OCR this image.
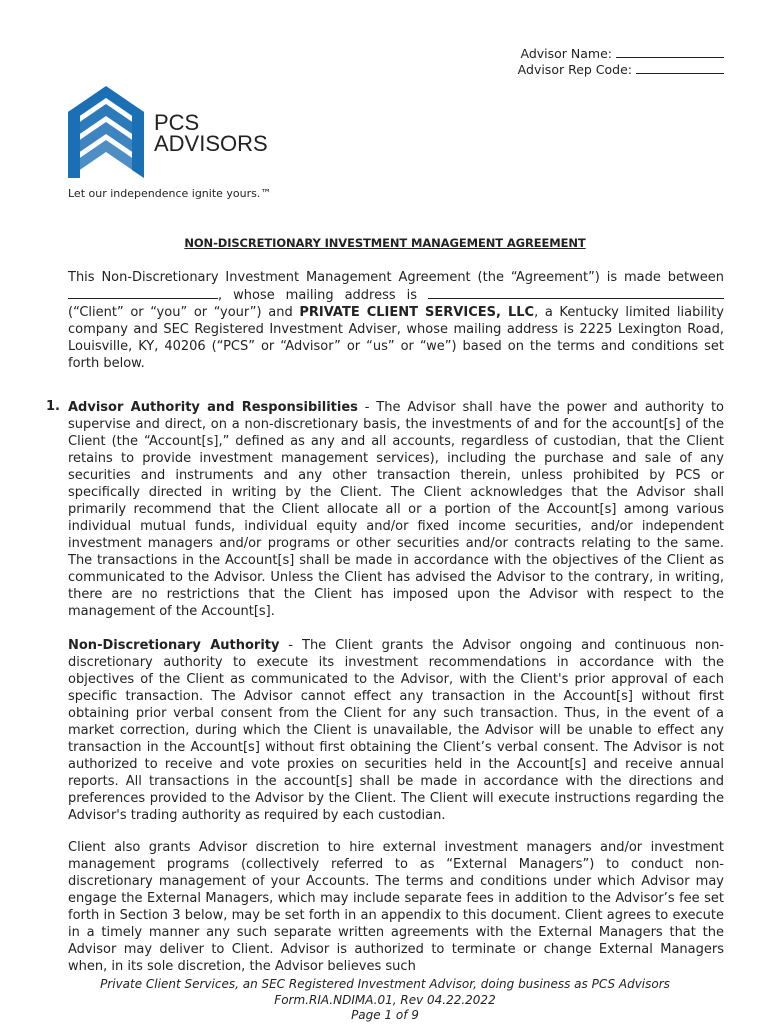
Advisor Name:
Advisor Rep Code:
PCS
ADVISORS
Let our independence ignite yours.™
NON-DISCRETIONARY INVESTMENT MANAGEMENT AGREEMENT
This Non-Discretionary Investment Management Agreement (the “Agreement”) is made between , whose mailing address is  (“Client” or “you” or “your”) and PRIVATE CLIENT SERVICES, LLC, a Kentucky limited liability company and SEC Registered Investment Adviser, whose mailing address is 2225 Lexington Road, Louisville, KY, 40206 (“PCS” or “Advisor” or “us” or “we”) based on the terms and conditions set forth below.
1. Advisor Authority and Responsibilities - The Advisor shall have the power and authority to supervise and direct, on a non-discretionary basis, the investments of and for the account[s] of the Client (the “Account[s],” defined as any and all accounts, regardless of custodian, that the Client retains to provide investment management services), including the purchase and sale of any securities and instruments and any other transaction therein, unless prohibited by PCS or specifically directed in writing by the Client. The Client acknowledges that the Advisor shall primarily recommend that the Client allocate all or a portion of the Account[s] among various individual mutual funds, individual equity and/or fixed income securities, and/or independent investment managers and/or programs or other securities and/or contracts relating to the same. The transactions in the Account[s] shall be made in accordance with the objectives of the Client as communicated to the Advisor. Unless the Client has advised the Advisor to the contrary, in writing, there are no restrictions that the Client has imposed upon the Advisor with respect to the management of the Account[s].
Non-Discretionary Authority - The Client grants the Advisor ongoing and continuous non-discretionary authority to execute its investment recommendations in accordance with the objectives of the Client as communicated to the Advisor, with the Client's prior approval of each specific transaction. The Advisor cannot effect any transaction in the Account[s] without first obtaining prior verbal consent from the Client for any such transaction. Thus, in the event of a market correction, during which the Client is unavailable, the Advisor will be unable to effect any transaction in the Account[s] without first obtaining the Client’s verbal consent. The Advisor is not authorized to receive and vote proxies on securities held in the Account[s] and receive annual reports. All transactions in the account[s] shall be made in accordance with the directions and preferences provided to the Advisor by the Client. The Client will execute instructions regarding the Advisor's trading authority as required by each custodian.
Client also grants Advisor discretion to hire external investment managers and/or investment management programs (collectively referred to as “External Managers”) to conduct non-discretionary management of your Accounts. The terms and conditions under which Advisor may engage the External Managers, which may include separate fees in addition to the Advisor’s fee set forth in Section 3 below, may be set forth in an appendix to this document. Client agrees to execute in a timely manner any such separate written agreements with the External Managers that the Advisor may deliver to Client. Advisor is authorized to terminate or change External Managers when, in its sole discretion, the Advisor believes such
Private Client Services, an SEC Registered Investment Advisor, doing business as PCS Advisors
Form.RIA.NDIMA.01, Rev 04.22.2022
Page 1 of 9
